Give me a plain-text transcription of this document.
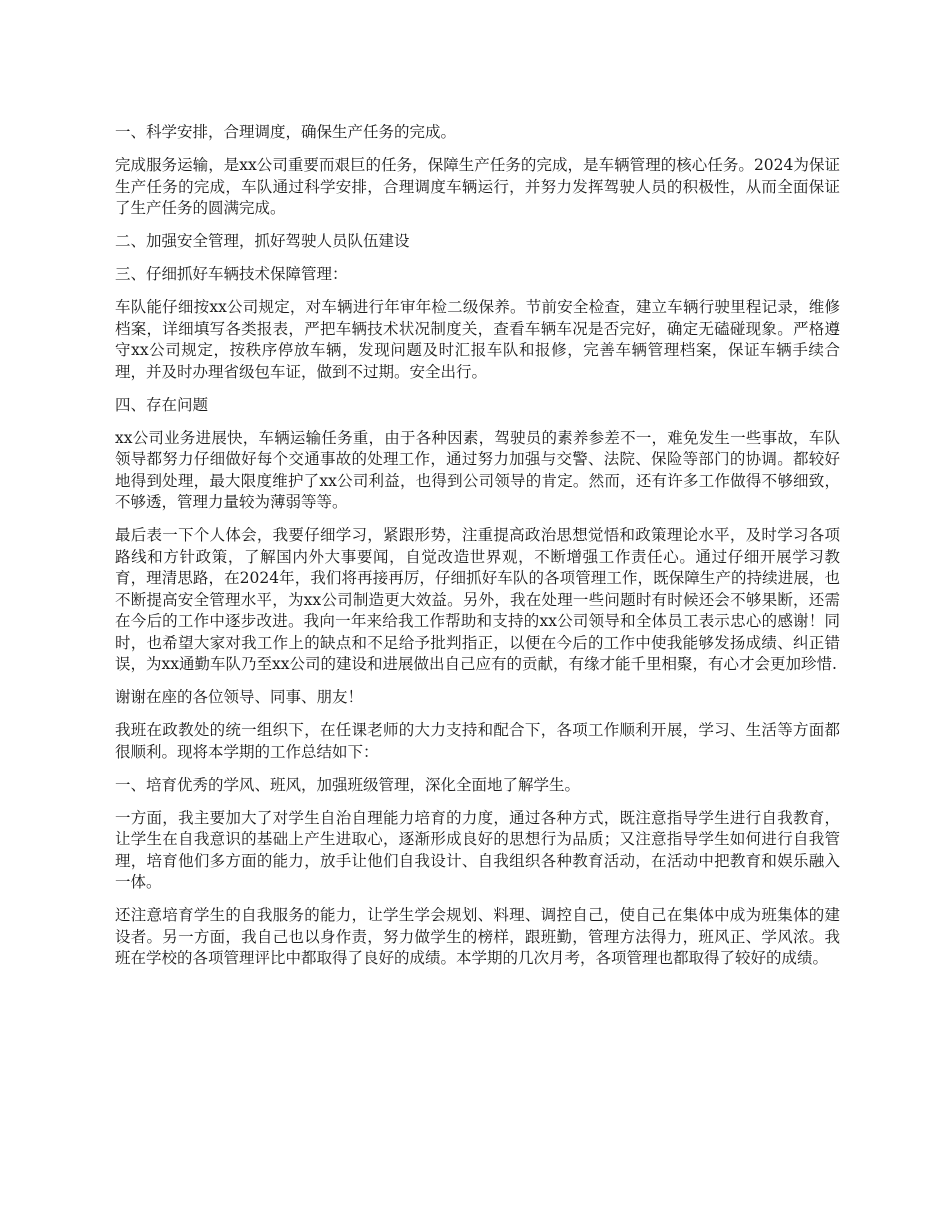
一、科学安排，合理调度，确保生产任务的完成。

完成服务运输，是xx公司重要而艰巨的任务，保障生产任务的完成，是车辆管理的核心任务。2024为保证生产任务的完成，车队通过科学安排，合理调度车辆运行，并努力发挥驾驶人员的积极性，从而全面保证了生产任务的圆满完成。

二、加强安全管理，抓好驾驶人员队伍建设

三、仔细抓好车辆技术保障管理：

车队能仔细按xx公司规定，对车辆进行年审年检二级保养。节前安全检查，建立车辆行驶里程记录，维修档案，详细填写各类报表，严把车辆技术状况制度关，查看车辆车况是否完好，确定无磕碰现象。严格遵守xx公司规定，按秩序停放车辆，发现问题及时汇报车队和报修，完善车辆管理档案，保证车辆手续合理，并及时办理省级包车证，做到不过期。安全出行。

四、存在问题

xx公司业务进展快，车辆运输任务重，由于各种因素，驾驶员的素养参差不一，难免发生一些事故，车队领导都努力仔细做好每个交通事故的处理工作，通过努力加强与交警、法院、保险等部门的协调。都较好地得到处理，最大限度维护了xx公司利益，也得到公司领导的肯定。然而，还有许多工作做得不够细致，不够透，管理力量较为薄弱等等。

最后表一下个人体会，我要仔细学习，紧跟形势，注重提高政治思想觉悟和政策理论水平，及时学习各项路线和方针政策，了解国内外大事要闻，自觉改造世界观，不断增强工作责任心。通过仔细开展学习教育，理清思路，在2024年，我们将再接再厉，仔细抓好车队的各项管理工作，既保障生产的持续进展，也不断提高安全管理水平，为xx公司制造更大效益。另外，我在处理一些问题时有时候还会不够果断，还需在今后的工作中逐步改进。我向一年来给我工作帮助和支持的xx公司领导和全体员工表示忠心的感谢！同时，也希望大家对我工作上的缺点和不足给予批判指正，以便在今后的工作中使我能够发扬成绩、纠正错误，为xx通勤车队乃至xx公司的建设和进展做出自己应有的贡献，有缘才能千里相聚，有心才会更加珍惜.

谢谢在座的各位领导、同事、朋友！

我班在政教处的统一组织下，在任课老师的大力支持和配合下，各项工作顺利开展，学习、生活等方面都很顺利。现将本学期的工作总结如下：

一、培育优秀的学风、班风，加强班级管理，深化全面地了解学生。

一方面，我主要加大了对学生自治自理能力培育的力度，通过各种方式，既注意指导学生进行自我教育，让学生在自我意识的基础上产生进取心，逐渐形成良好的思想行为品质；又注意指导学生如何进行自我管理，培育他们多方面的能力，放手让他们自我设计、自我组织各种教育活动，在活动中把教育和娱乐融入一体。

还注意培育学生的自我服务的能力，让学生学会规划、料理、调控自己，使自己在集体中成为班集体的建设者。另一方面，我自己也以身作责，努力做学生的榜样，跟班勤，管理方法得力，班风正、学风浓。我班在学校的各项管理评比中都取得了良好的成绩。本学期的几次月考，各项管理也都取得了较好的成绩。
